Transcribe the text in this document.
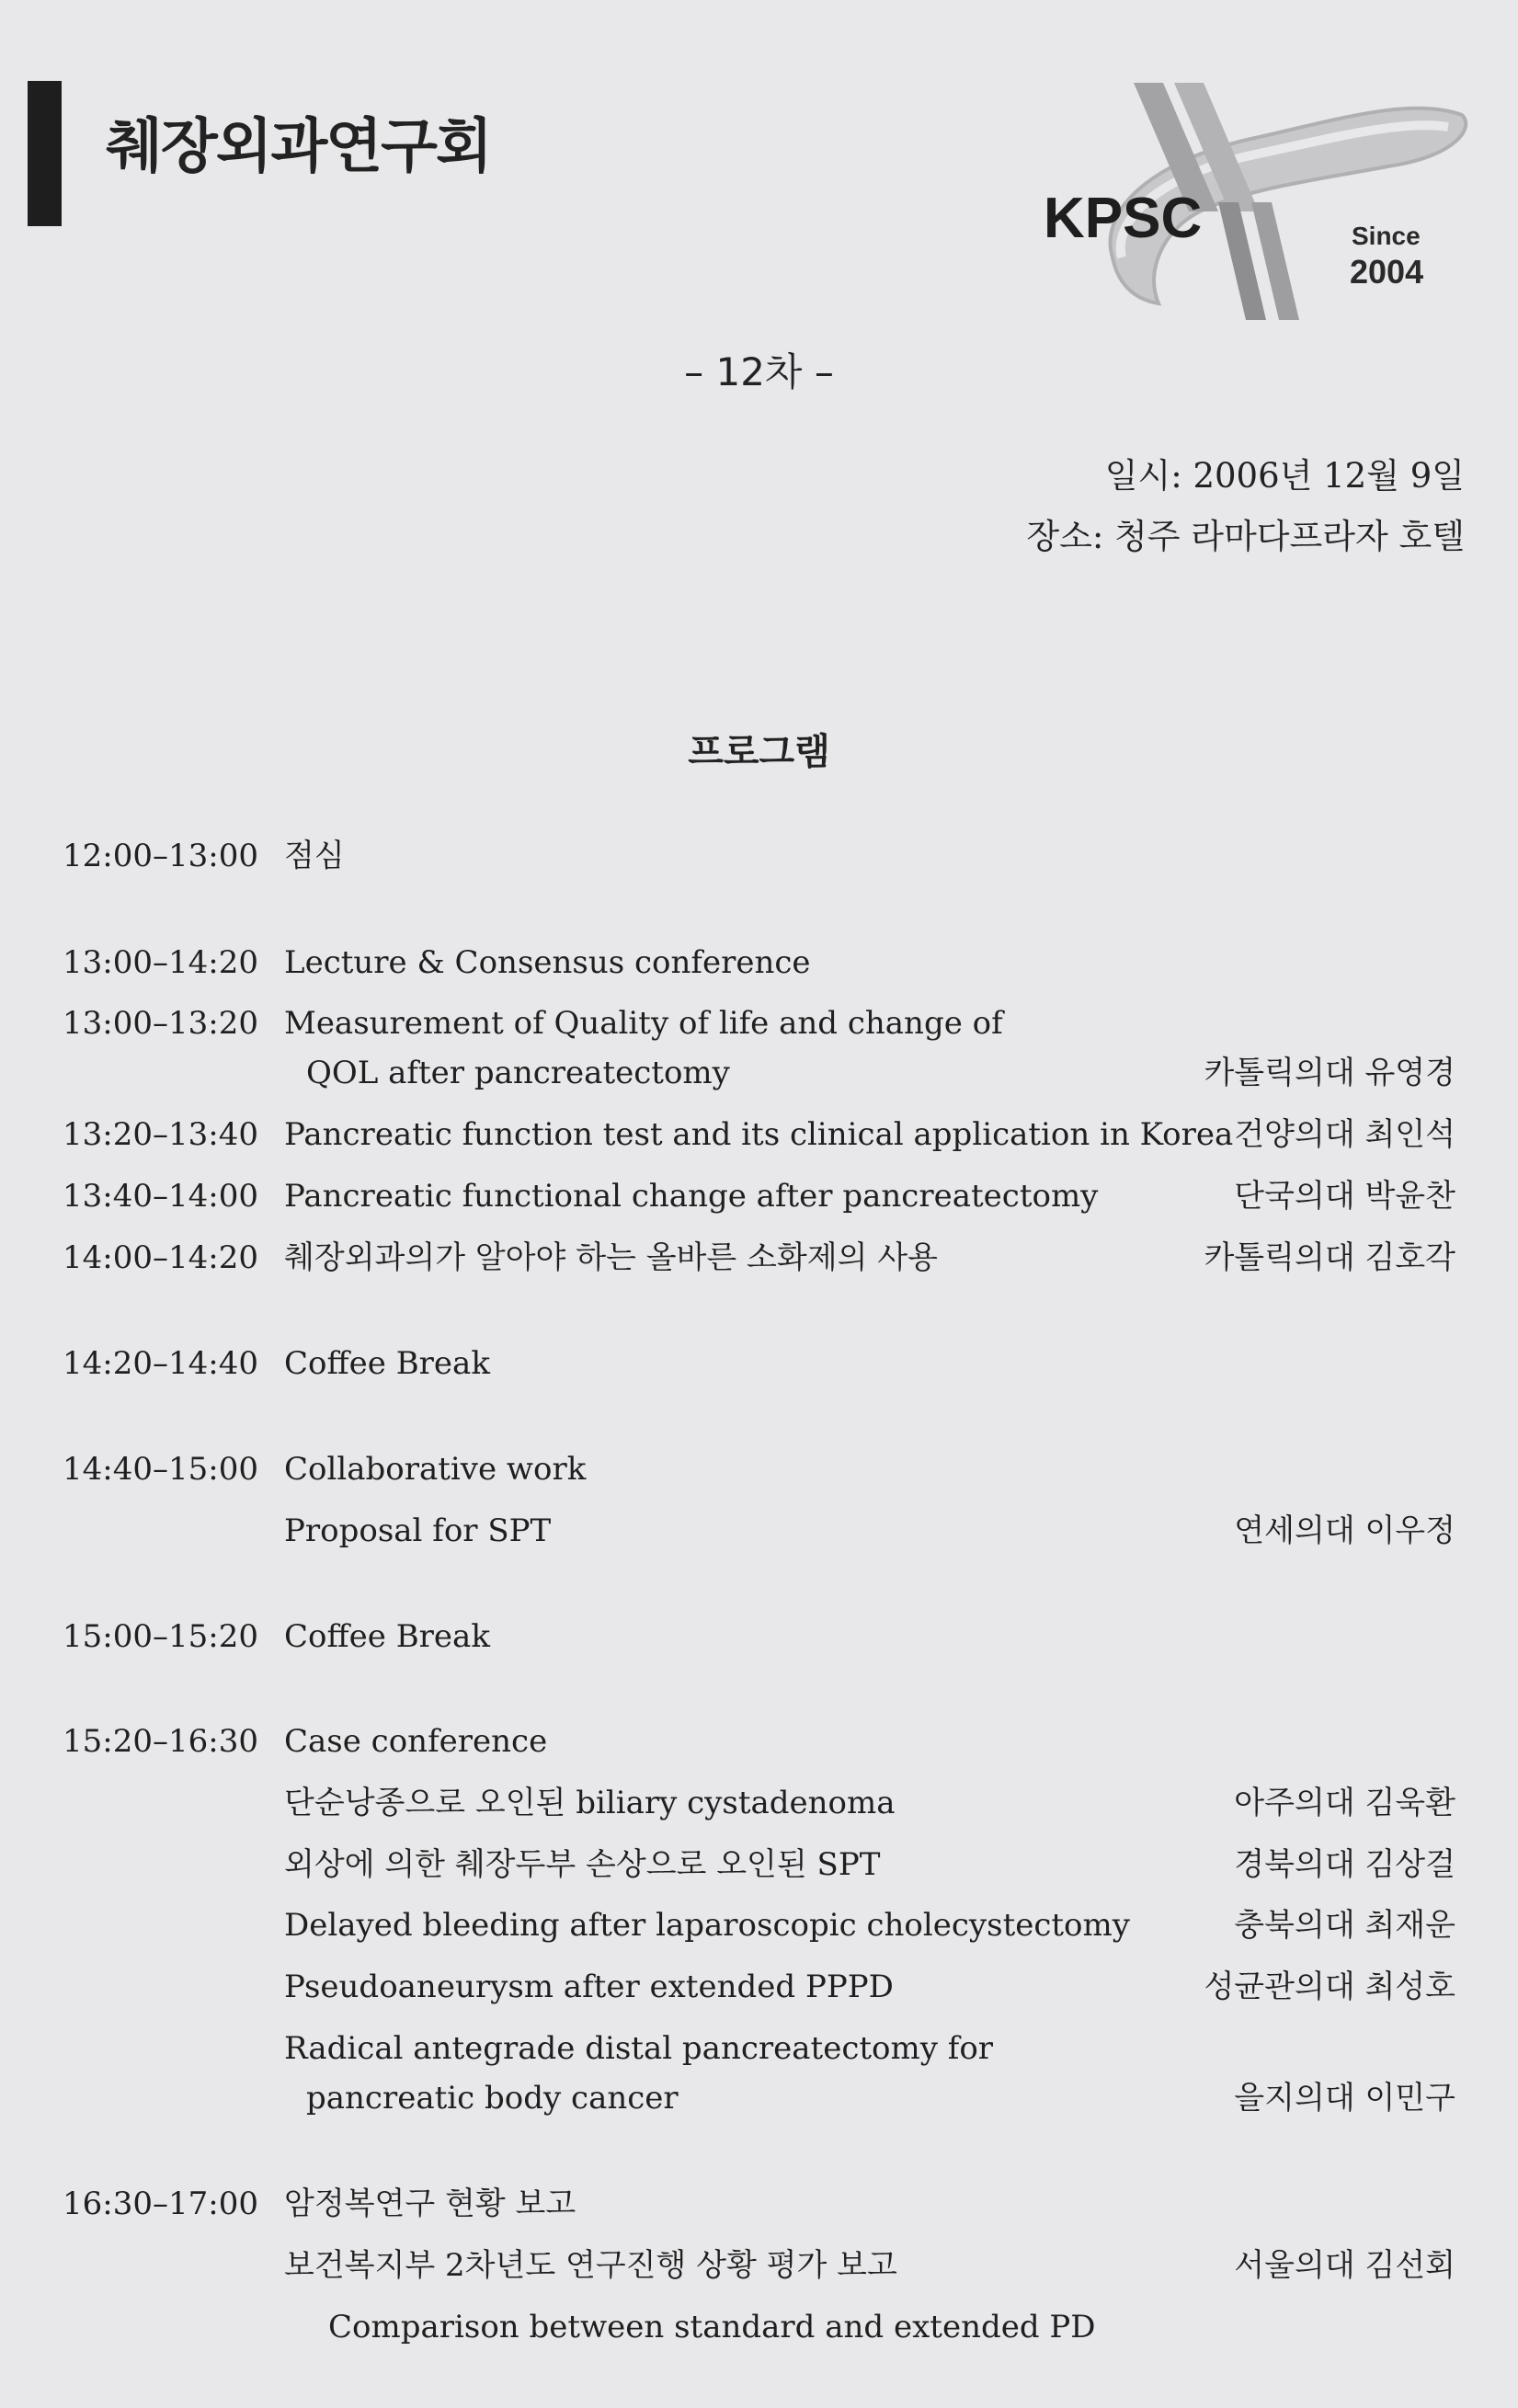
췌장외과연구회
KPSC	Since
2004
– 12차 –
일시: 2006년 12월 9일
장소: 청주 라마다프라자 호텔
프로그램
12:00–13:00 점심
13:00–14:20 Lecture & Consensus conference
13:00–13:20 Measurement of Quality of life and change of
QOL after pancreatectomy	카톨릭의대 유영경
13:20–13:40 Pancreatic function test and its clinical application in Korea 건양의대 최인석
13:40–14:00 Pancreatic functional change after pancreatectomy	단국의대 박윤찬
14:00–14:20 췌장외과의가 알아야 하는 올바른 소화제의 사용	카톨릭의대 김호각
14:20–14:40 Coffee Break
14:40–15:00 Collaborative work
Proposal for SPT	연세의대 이우정
15:00–15:20 Coffee Break
15:20–16:30 Case conference
단순낭종으로 오인된 biliary cystadenoma	아주의대 김욱환
외상에 의한 췌장두부 손상으로 오인된 SPT	경북의대 김상걸
Delayed bleeding after laparoscopic cholecystectomy	충북의대 최재운
Pseudoaneurysm after extended PPPD	성균관의대 최성호
Radical antegrade distal pancreatectomy for
pancreatic body cancer	을지의대 이민구
16:30–17:00 암정복연구 현황 보고
보건복지부 2차년도 연구진행 상황 평가 보고	서울의대 김선회
Comparison between standard and extended PD
